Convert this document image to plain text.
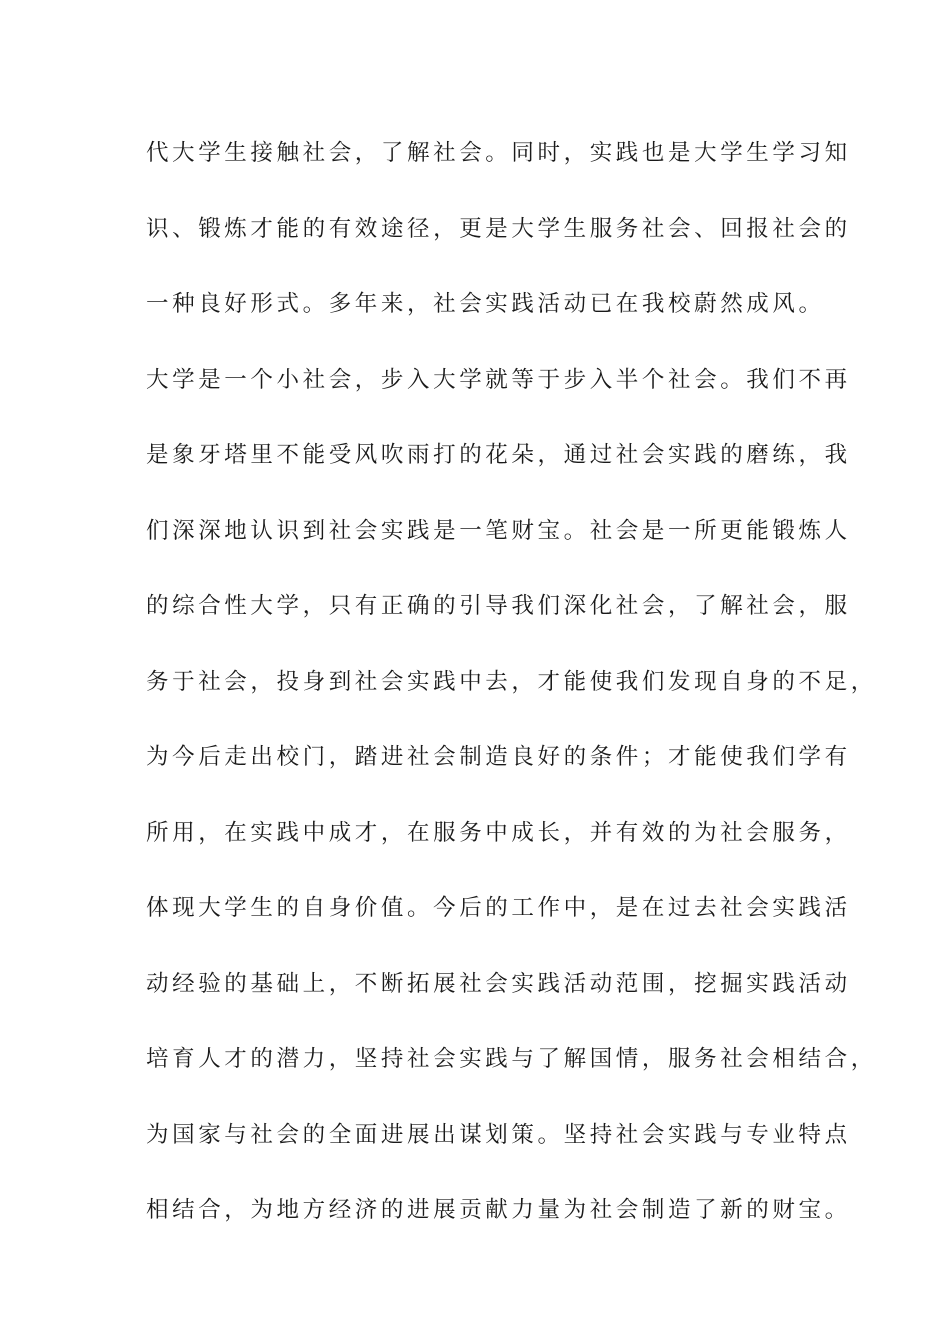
代大学生接触社会，了解社会。同时，实践也是大学生学习知
识、锻炼才能的有效途径，更是大学生服务社会、回报社会的
一种良好形式。多年来，社会实践活动已在我校蔚然成风。
大学是一个小社会，步入大学就等于步入半个社会。我们不再
是象牙塔里不能受风吹雨打的花朵，通过社会实践的磨练，我
们深深地认识到社会实践是一笔财宝。社会是一所更能锻炼人
的综合性大学，只有正确的引导我们深化社会，了解社会，服
务于社会，投身到社会实践中去，才能使我们发现自身的不足，
为今后走出校门，踏进社会制造良好的条件；才能使我们学有
所用，在实践中成才，在服务中成长，并有效的为社会服务，
体现大学生的自身价值。今后的工作中，是在过去社会实践活
动经验的基础上，不断拓展社会实践活动范围，挖掘实践活动
培育人才的潜力，坚持社会实践与了解国情，服务社会相结合，
为国家与社会的全面进展出谋划策。坚持社会实践与专业特点
相结合，为地方经济的进展贡献力量为社会制造了新的财宝。
